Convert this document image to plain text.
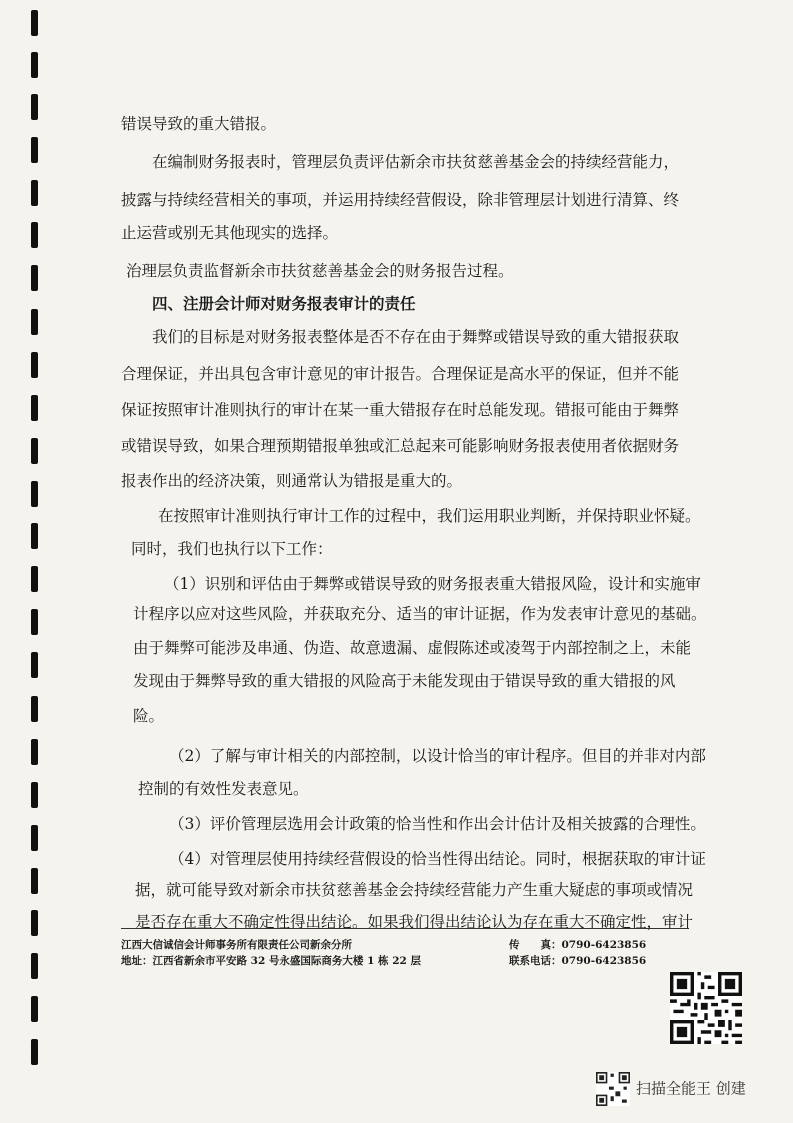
错误导致的重大错报。
在编制财务报表时，管理层负责评估新余市扶贫慈善基金会的持续经营能力，
披露与持续经营相关的事项，并运用持续经营假设，除非管理层计划进行清算、终
止运营或别无其他现实的选择。
治理层负责监督新余市扶贫慈善基金会的财务报告过程。
四、注册会计师对财务报表审计的责任
我们的目标是对财务报表整体是否不存在由于舞弊或错误导致的重大错报获取
合理保证，并出具包含审计意见的审计报告。合理保证是高水平的保证，但并不能
保证按照审计准则执行的审计在某一重大错报存在时总能发现。错报可能由于舞弊
或错误导致，如果合理预期错报单独或汇总起来可能影响财务报表使用者依据财务
报表作出的经济决策，则通常认为错报是重大的。
在按照审计准则执行审计工作的过程中，我们运用职业判断，并保持职业怀疑。
同时，我们也执行以下工作：
（1）识别和评估由于舞弊或错误导致的财务报表重大错报风险，设计和实施审
计程序以应对这些风险，并获取充分、适当的审计证据，作为发表审计意见的基础。
由于舞弊可能涉及串通、伪造、故意遗漏、虚假陈述或凌驾于内部控制之上，未能
发现由于舞弊导致的重大错报的风险高于未能发现由于错误导致的重大错报的风
险。
（2）了解与审计相关的内部控制，以设计恰当的审计程序。但目的并非对内部
控制的有效性发表意见。
（3）评价管理层选用会计政策的恰当性和作出会计估计及相关披露的合理性。
（4）对管理层使用持续经营假设的恰当性得出结论。同时，根据获取的审计证
据，就可能导致对新余市扶贫慈善基金会持续经营能力产生重大疑虑的事项或情况
是否存在重大不确定性得出结论。如果我们得出结论认为存在重大不确定性，审计
江西大信诚信会计师事务所有限责任公司新余分所
地址：江西省新余市平安路 32 号永盛国际商务大楼 1 栋 22 层
传　　真：0790-6423856
联系电话：0790-6423856
扫描全能王 创建
